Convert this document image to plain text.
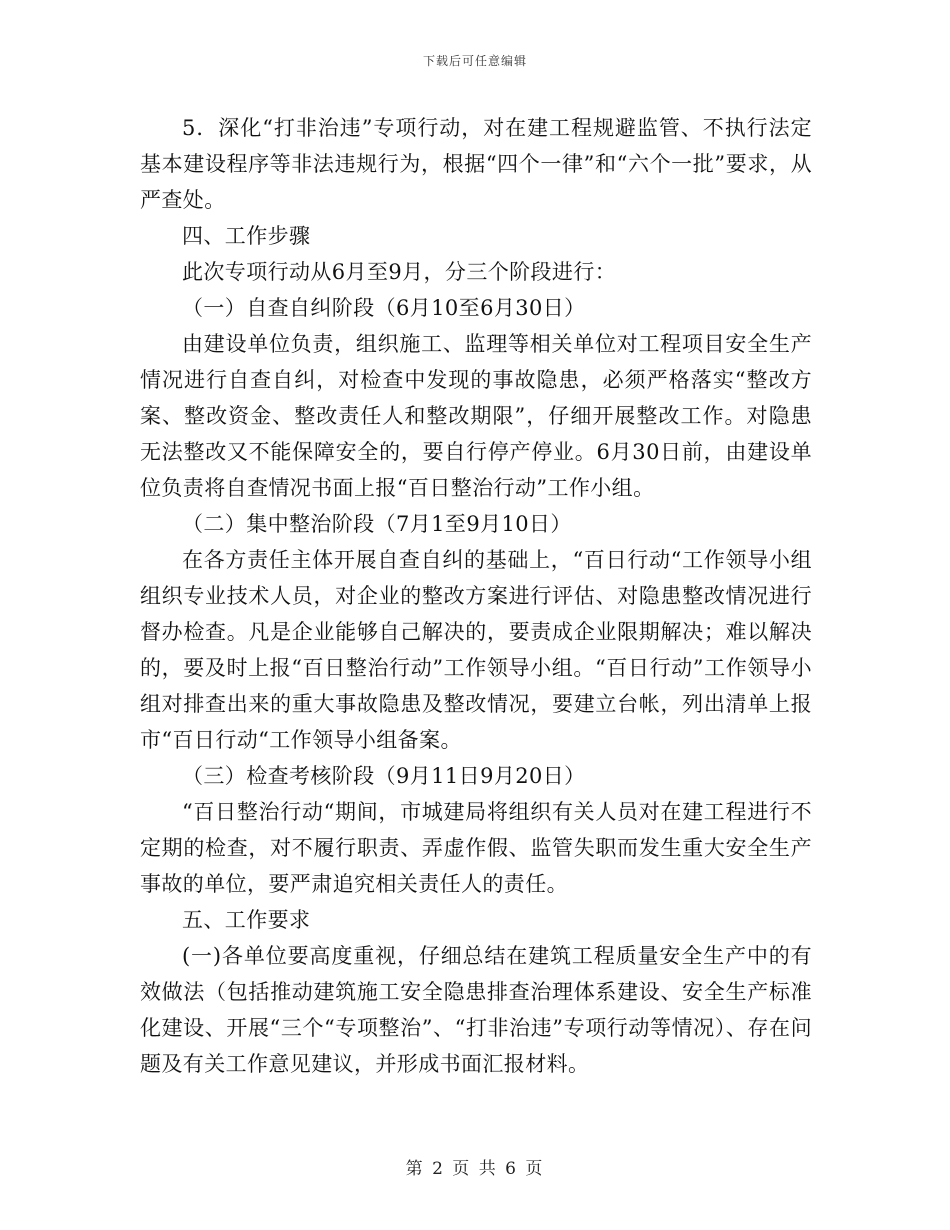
下载后可任意编辑

5．深化“打非治违”专项行动，对在建工程规避监管、不执行法定基本建设程序等非法违规行为，根据“四个一律”和“六个一批”要求，从严查处。

四、工作步骤

此次专项行动从6月至9月，分三个阶段进行：

（一）自查自纠阶段（6月10至6月30日）

由建设单位负责，组织施工、监理等相关单位对工程项目安全生产情况进行自查自纠，对检查中发现的事故隐患，必须严格落实“整改方案、整改资金、整改责任人和整改期限”，仔细开展整改工作。对隐患无法整改又不能保障安全的，要自行停产停业。6月30日前，由建设单位负责将自查情况书面上报“百日整治行动”工作小组。

（二）集中整治阶段（7月1至9月10日）

在各方责任主体开展自查自纠的基础上，“百日行动“工作领导小组组织专业技术人员，对企业的整改方案进行评估、对隐患整改情况进行督办检查。凡是企业能够自己解决的，要责成企业限期解决；难以解决的，要及时上报“百日整治行动”工作领导小组。“百日行动”工作领导小组对排查出来的重大事故隐患及整改情况，要建立台帐，列出清单上报市“百日行动“工作领导小组备案。

（三）检查考核阶段（9月11日9月20日）

“百日整治行动“期间，市城建局将组织有关人员对在建工程进行不定期的检查，对不履行职责、弄虚作假、监管失职而发生重大安全生产事故的单位，要严肃追究相关责任人的责任。

五、工作要求

(一)各单位要高度重视，仔细总结在建筑工程质量安全生产中的有效做法（包括推动建筑施工安全隐患排查治理体系建设、安全生产标准化建设、开展“三个“专项整治”、“打非治违”专项行动等情况）、存在问题及有关工作意见建议，并形成书面汇报材料。

第 2 页 共 6 页
